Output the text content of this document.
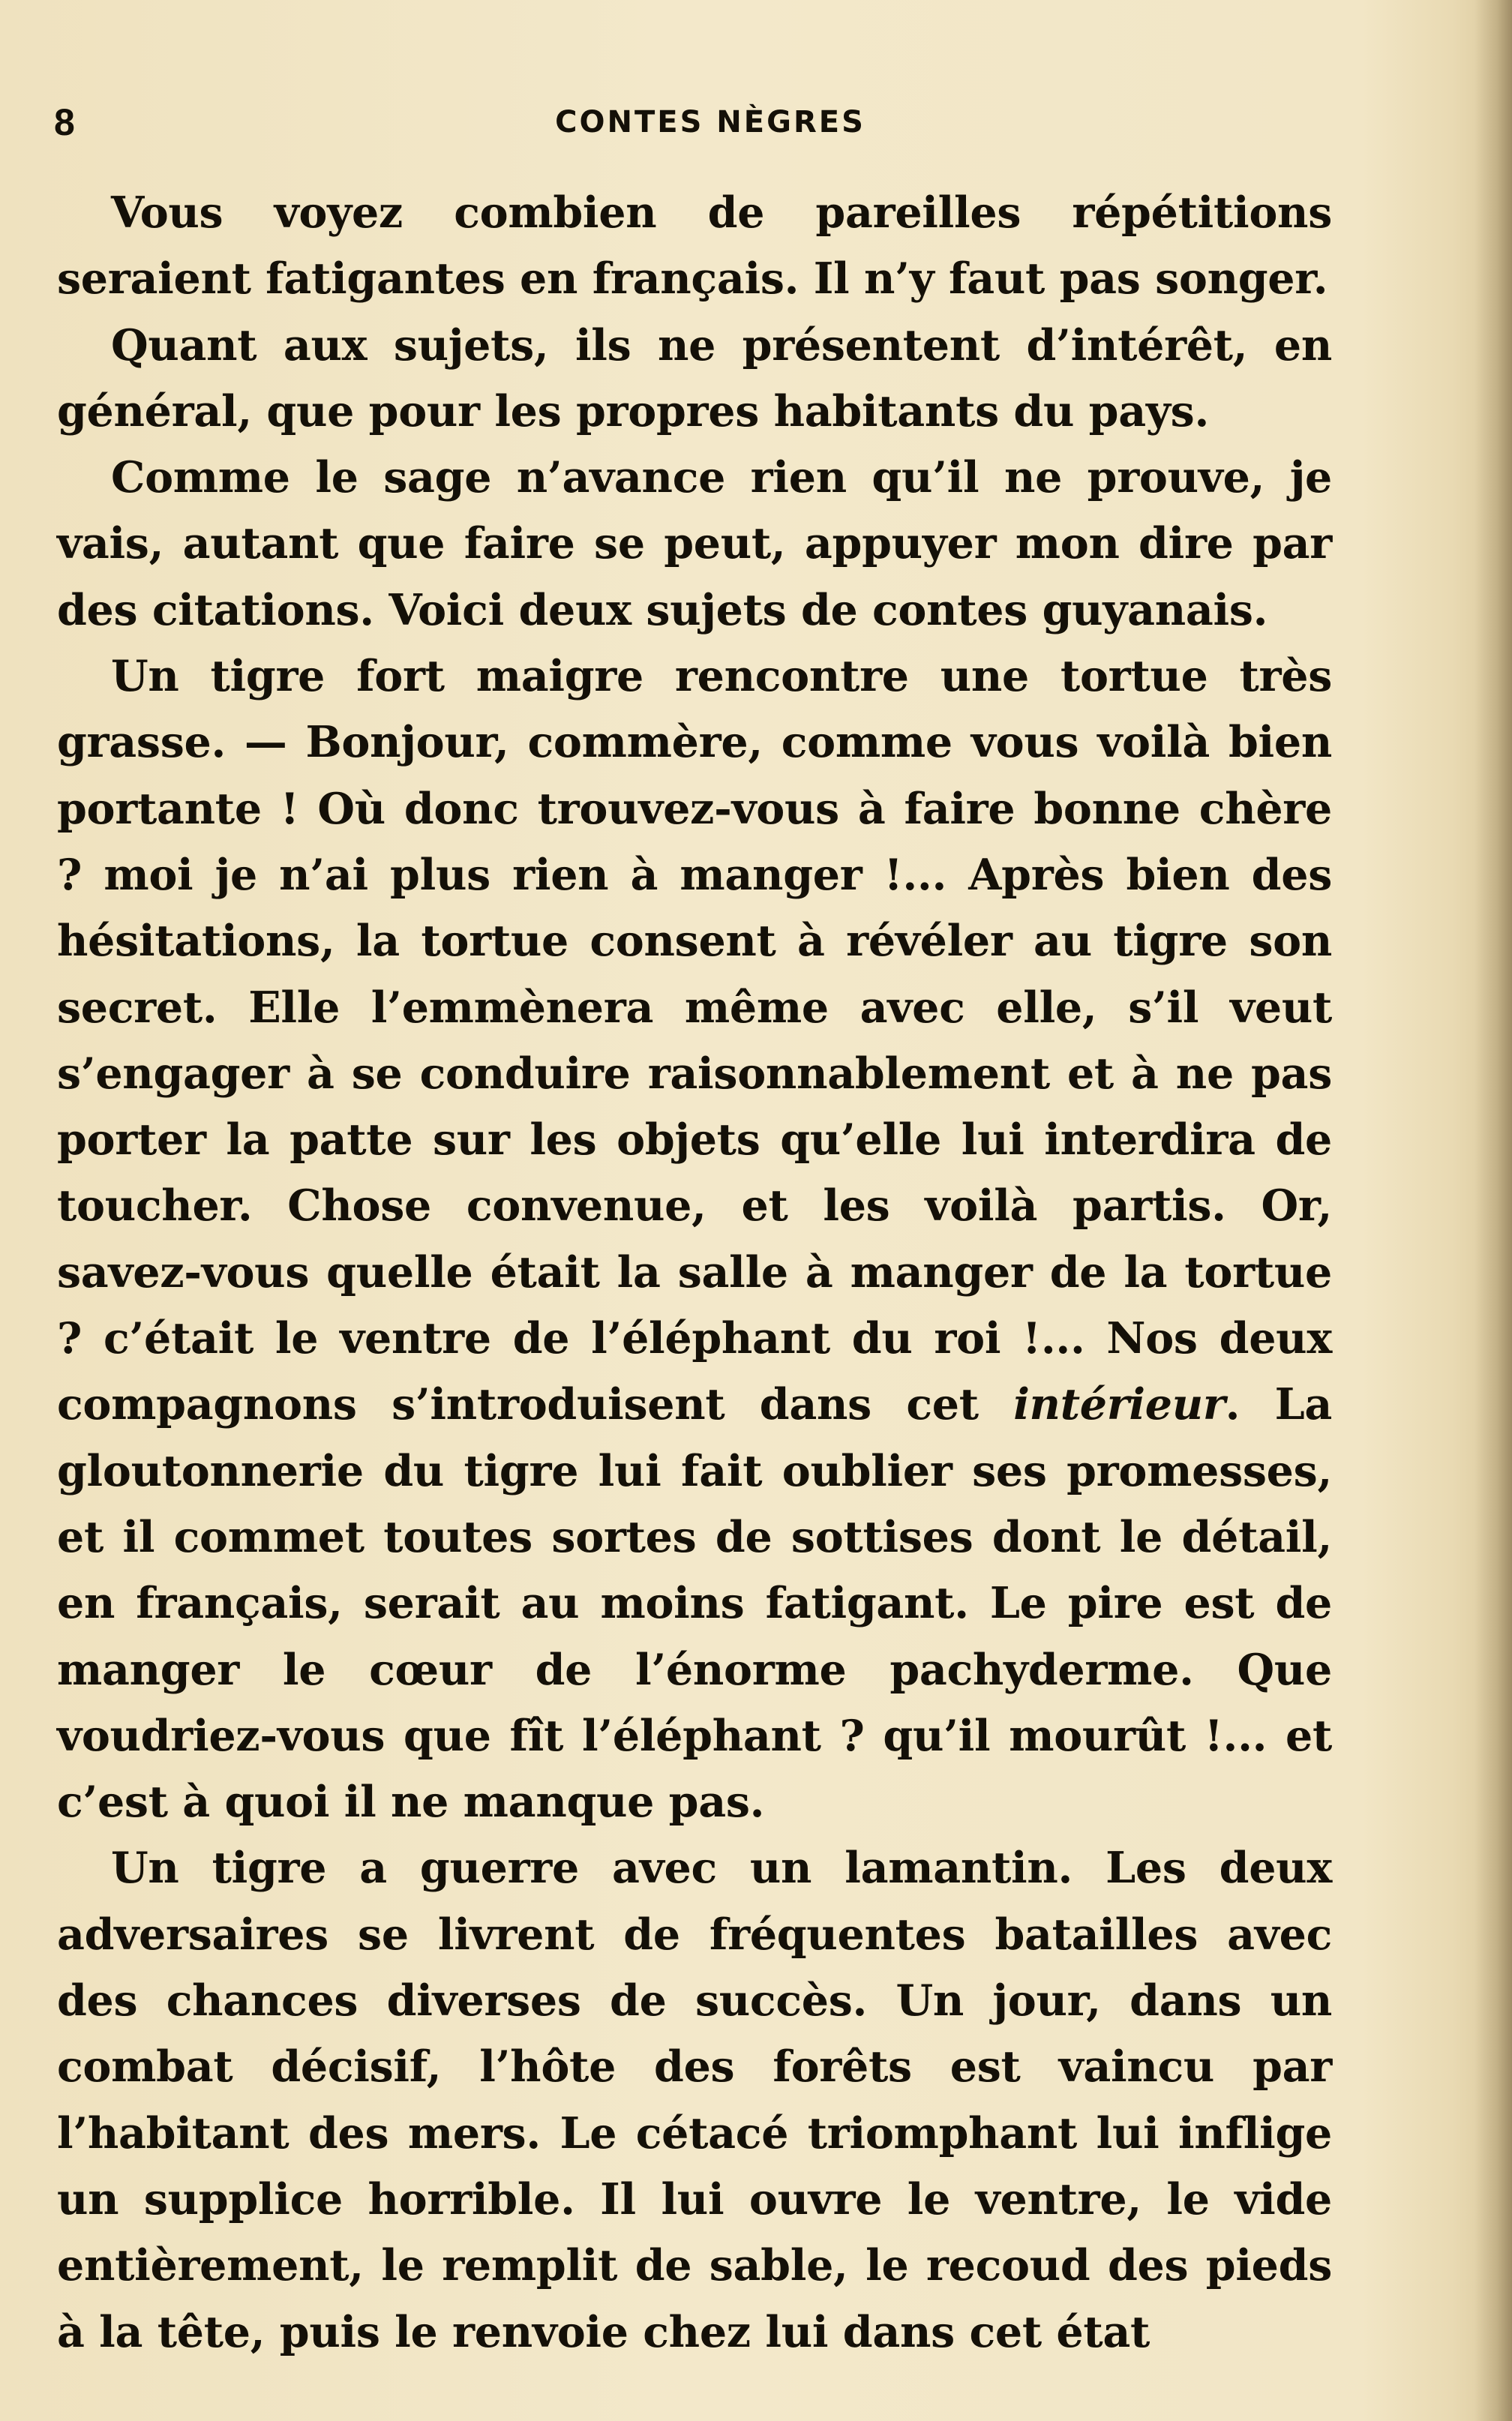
8	CONTES NÈGRES

Vous voyez combien de pareilles répétitions seraient fatigantes en français. Il n’y faut pas songer.

Quant aux sujets, ils ne présentent d’intérêt, en général, que pour les propres habitants du pays.

Comme le sage n’avance rien qu’il ne prouve, je vais, autant que faire se peut, appuyer mon dire par des citations. Voici deux sujets de contes guyanais.

Un tigre fort maigre rencontre une tortue très grasse. — Bonjour, commère, comme vous voilà bien portante ! Où donc trouvez-vous à faire bonne chère ? moi je n’ai plus rien à manger !... Après bien des hésitations, la tortue consent à révéler au tigre son secret. Elle l’emmènera même avec elle, s’il veut s’engager à se conduire raisonnablement et à ne pas porter la patte sur les objets qu’elle lui interdira de toucher. Chose convenue, et les voilà partis. Or, savez-vous quelle était la salle à manger de la tortue ? c’était le ventre de l’éléphant du roi !... Nos deux compagnons s’introduisent dans cet intérieur. La gloutonnerie du tigre lui fait oublier ses promesses, et il commet toutes sortes de sottises dont le détail, en français, serait au moins fatigant. Le pire est de manger le cœur de l’énorme pachyderme. Que voudriez-vous que fît l’éléphant ? qu’il mourût !... et c’est à quoi il ne manque pas.

Un tigre a guerre avec un lamantin. Les deux adversaires se livrent de fréquentes batailles avec des chances diverses de succès. Un jour, dans un combat décisif, l’hôte des forêts est vaincu par l’habitant des mers. Le cétacé triomphant lui inflige un supplice horrible. Il lui ouvre le ventre, le vide entièrement, le remplit de sable, le recoud des pieds à la tête, puis le renvoie chez lui dans cet état
